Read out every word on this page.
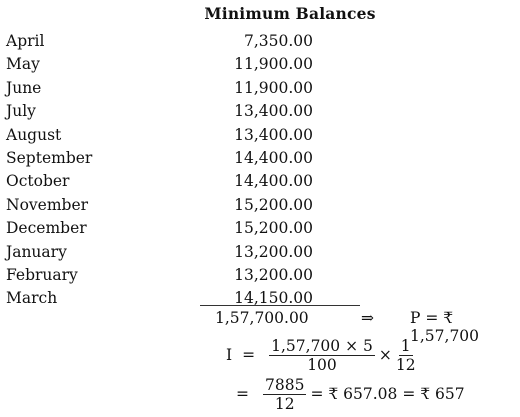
Minimum Balances
April	7,350.00
May	11,900.00
June	11,900.00
July	13,400.00
August	13,400.00
September	14,400.00
October	14,400.00
November	15,200.00
December	15,200.00
January	13,200.00
February	13,200.00
March	14,150.00
1,57,700.00	⇒ P = ₹ 1,57,700
$I = \frac{1,57,700 \times 5}{100} \times \frac{1}{12}$
= $\frac{7885}{12}$ = ₹ 657.08 = ₹ 657
